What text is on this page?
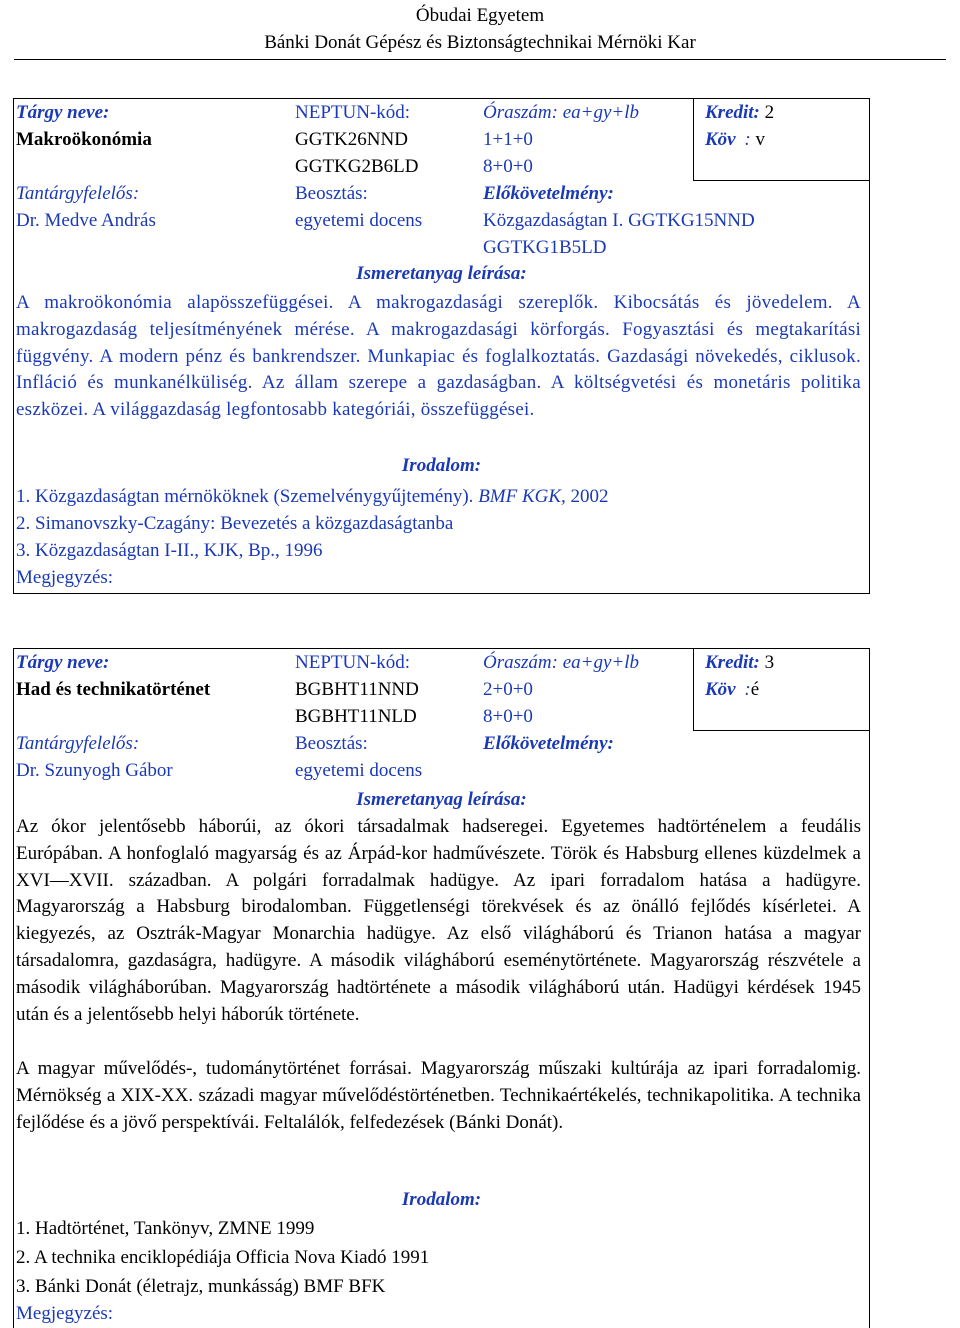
Óbudai Egyetem
Bánki Donát Gépész és Biztonságtechnikai Mérnöki Kar
Tárgy neve:
Makroökonómia
Tantárgyfelelős:
Dr. Medve András
NEPTUN-kód:
GGTK26NND
GGTKG2B6LD
Beosztás:
egyetemi docens
Óraszám: ea+gy+lb
1+1+0
8+0+0
Előkövetelmény:
Közgazdaságtan I. GGTKG15NND
GGTKG1B5LD
Kredit: 2
Köv : v
Ismeretanyag leírása:
A makroökonómia alapösszefüggései. A makrogazdasági szereplők. Kibocsátás és jövedelem. A makrogazdaság teljesítményének mérése. A makrogazdasági körforgás. Fogyasztási és megtakarítási függvény. A modern pénz és bankrendszer. Munkapiac és foglalkoztatás. Gazdasági növekedés, ciklusok. Infláció és munkanélküliség. Az állam szerepe a gazdaságban. A költségvetési és monetáris politika eszközei. A világgazdaság legfontosabb kategóriái, összefüggései.
Irodalom:
1. Közgazdaságtan mérnököknek (Szemelvénygyűjtemény). BMF KGK, 2002
2. Simanovszky-Czagány: Bevezetés a közgazdaságtanba
3. Közgazdaságtan I-II., KJK, Bp., 1996
Megjegyzés:
Tárgy neve:
Had és technikatörténet
Tantárgyfelelős:
Dr. Szunyogh Gábor
NEPTUN-kód:
BGBHT11NND
BGBHT11NLD
Beosztás:
egyetemi docens
Óraszám: ea+gy+lb
2+0+0
8+0+0
Előkövetelmény:
Kredit: 3
Köv :é
Ismeretanyag leírása:
Az ókor jelentősebb háborúi, az ókori társadalmak hadseregei. Egyetemes hadtörténelem a feudális Európában. A honfoglaló magyarság és az Árpád-kor hadművészete. Török és Habsburg ellenes küzdelmek a XVI—XVII. században. A polgári forradalmak hadügye. Az ipari forradalom hatása a hadügyre. Magyarország a Habsburg birodalomban. Függetlenségi törekvések és az önálló fejlődés kísérletei. A kiegyezés, az Osztrák-Magyar Monarchia hadügye. Az első világháború és Trianon hatása a magyar társadalomra, gazdaságra, hadügyre. A második világháború eseménytörténete. Magyarország részvétele a második világháborúban. Magyarország hadtörténete a második világháború után. Hadügyi kérdések 1945 után és a jelentősebb helyi háborúk története.
A magyar művelődés-, tudománytörténet forrásai. Magyarország műszaki kultúrája az ipari forradalomig. Mérnökség a XIX-XX. századi magyar művelődéstörténetben. Technikaértékelés, technikapolitika. A technika fejlődése és a jövő perspektívái. Feltalálók, felfedezések (Bánki Donát).
Irodalom:
1. Hadtörténet, Tankönyv, ZMNE 1999
2. A technika enciklopédiája Officia Nova Kiadó 1991
3. Bánki Donát (életrajz, munkásság) BMF BFK
Megjegyzés:
